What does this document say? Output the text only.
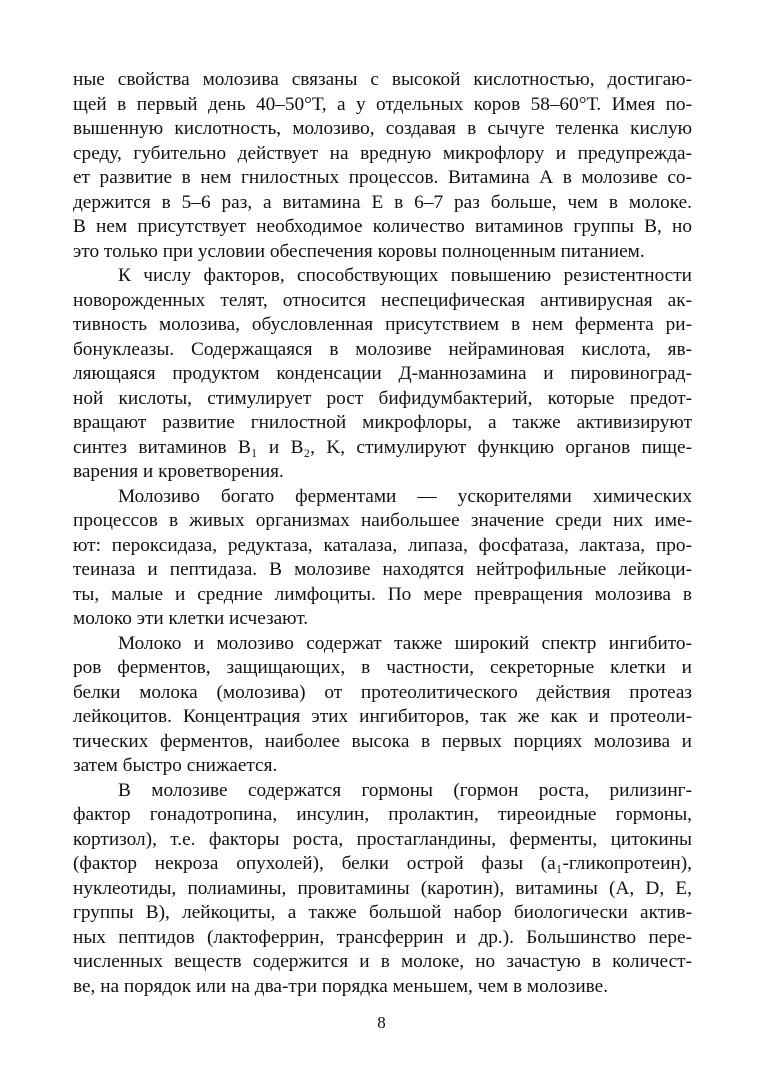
ные свойства молозива связаны с высокой кислотностью, достигаю-
щей в первый день 40–50°Т, а у отдельных коров 58–60°Т. Имея по-
вышенную кислотность, молозиво, создавая в сычуге теленка кислую
среду, губительно действует на вредную микрофлору и предупрежда-
ет развитие в нем гнилостных процессов. Витамина А в молозиве со-
держится в 5–6 раз, а витамина Е в 6–7 раз больше, чем в молоке.
В нем присутствует необходимое количество витаминов группы В, но
это только при условии обеспечения коровы полноценным питанием.
К числу факторов, способствующих повышению резистентности
новорожденных телят, относится неспецифическая антивирусная ак-
тивность молозива, обусловленная присутствием в нем фермента ри-
бонуклеазы. Содержащаяся в молозиве нейраминовая кислота, яв-
ляющаяся продуктом конденсации Д-маннозамина и пировиноград-
ной кислоты, стимулирует рост бифидумбактерий, которые предот-
вращают развитие гнилостной микрофлоры, а также активизируют
синтез витаминов B₁ и B₂, K, стимулируют функцию органов пище-
варения и кроветворения.
Молозиво богато ферментами — ускорителями химических
процессов в живых организмах наибольшее значение среди них име-
ют: пероксидаза, редуктаза, каталаза, липаза, фосфатаза, лактаза, про-
теиназа и пептидаза. В молозиве находятся нейтрофильные лейкоци-
ты, малые и средние лимфоциты. По мере превращения молозива в
молоко эти клетки исчезают.
Молоко и молозиво содержат также широкий спектр ингибито-
ров ферментов, защищающих, в частности, секреторные клетки и
белки молока (молозива) от протеолитического действия протеаз
лейкоцитов. Концентрация этих ингибиторов, так же как и протеоли-
тических ферментов, наиболее высока в первых порциях молозива и
затем быстро снижается.
В молозиве содержатся гормоны (гормон роста, рилизинг-
фактор гонадотропина, инсулин, пролактин, тиреоидные гормоны,
кортизол), т.е. факторы роста, простагландины, ферменты, цитокины
(фактор некроза опухолей), белки острой фазы (а₁-гликопротеин),
нуклеотиды, полиамины, провитамины (каротин), витамины (А, D, Е,
группы В), лейкоциты, а также большой набор биологически актив-
ных пептидов (лактоферрин, трансферрин и др.). Большинство пере-
численных веществ содержится и в молоке, но зачастую в количест-
ве, на порядок или на два-три порядка меньшем, чем в молозиве.
8
